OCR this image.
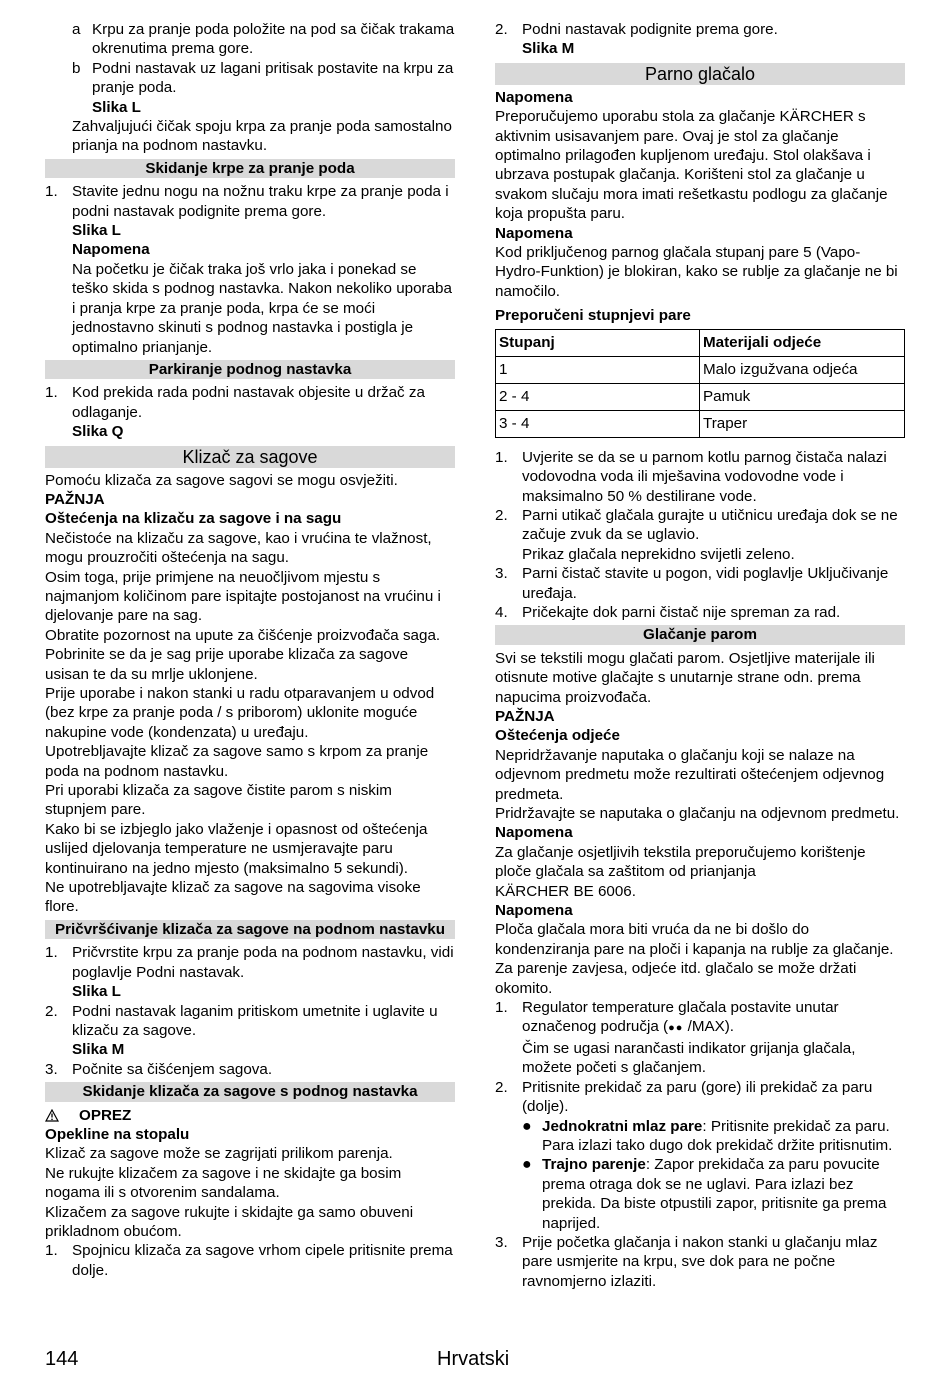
a Krpu za pranje poda položite na pod sa čičak trakama okrenutima prema gore.
b Podni nastavak uz lagani pritisak postavite na krpu za pranje poda.

Slika L

Zahvaljujući čičak spoju krpa za pranje poda samostalno prianja na podnom nastavku.

Skidanje krpe za pranje poda
1. Stavite jednu nogu na nožnu traku krpe za pranje poda i podni nastavak podignite prema gore.

Slika L

Napomena

Na početku je čičak traka još vrlo jaka i ponekad se teško skida s podnog nastavka. Nakon nekoliko uporaba i pranja krpe za pranje poda, krpa će se moći jednostavno skinuti s podnog nastavka i postigla je optimalno prianjanje.

Parkiranje podnog nastavka
1. Kod prekida rada podni nastavak objesite u držač za odlaganje.

Slika Q

Klizač za sagove

Pomoću klizača za sagove sagovi se mogu osvježiti.

PAŽNJA

Oštećenja na klizaču za sagove i na sagu

Nečistoće na klizaču za sagove, kao i vrućina te vlažnost, mogu prouzročiti oštećenja na sagu.

Osim toga, prije primjene na neuočljivom mjestu s najmanjom količinom pare ispitajte postojanost na vrućinu i djelovanje pare na sag.

Obratite pozornost na upute za čišćenje proizvođača saga.

Pobrinite se da je sag prije uporabe klizača za sagove usisan te da su mrlje uklonjene.

Prije uporabe i nakon stanki u radu otparavanjem u odvod (bez krpe za pranje poda / s priborom) uklonite moguće nakupine vode (kondenzata) u uređaju.

Upotrebljavajte klizač za sagove samo s krpom za pranje poda na podnom nastavku.

Pri uporabi klizača za sagove čistite parom s niskim stupnjem pare.

Kako bi se izbjeglo jako vlaženje i opasnost od oštećenja uslijed djelovanja temperature ne usmjeravajte paru kontinuirano na jedno mjesto (maksimalno 5 sekundi).

Ne upotrebljavajte klizač za sagove na sagovima visoke flore.

Pričvršćivanje klizača za sagove na podnom nastavku
1. Pričvrstite krpu za pranje poda na podnom nastavku, vidi poglavlje Podni nastavak.

Slika L

2. Podni nastavak laganim pritiskom umetnite i uglavite u klizaču za sagove.

Slika M

3. Počnite sa čišćenjem sagova.
Skidanje klizača za sagove s podnog nastavka
OPREZ

Opekline na stopalu

Klizač za sagove može se zagrijati prilikom parenja.

Ne rukujte klizačem za sagove i ne skidajte ga bosim nogama ili s otvorenim sandalama.

Klizačem za sagove rukujte i skidajte ga samo obuveni prikladnom obućom.

1. Spojnicu klizača za sagove vrhom cipele pritisnite prema dolje.
2. Podni nastavak podignite prema gore.

Slika M

Parno glačalo

Napomena

Preporučujemo uporabu stola za glačanje KÄRCHER s aktivnim usisavanjem pare. Ovaj je stol za glačanje optimalno prilagođen kupljenom uređaju. Stol olakšava i ubrzava postupak glačanja. Korišteni stol za glačanje u svakom slučaju mora imati rešetkastu podlogu za glačanje koja propušta paru.

Napomena

Kod priključenog parnog glačala stupanj pare 5 (Vapo-Hydro-Funktion) je blokiran, kako se rublje za glačanje ne bi namočilo.

Preporučeni stupnjevi pare

Stupanj	Materijali odjeće
1	Malo izgužvana odjeća
2 - 4	Pamuk
3 - 4	Traper
1. Uvjerite se da se u parnom kotlu parnog čistača nalazi vodovodna voda ili mješavina vodovodne vode i maksimalno 50 % destilirane vode.
2. Parni utikač glačala gurajte u utičnicu uređaja dok se ne začuje zvuk da se uglavio.

Prikaz glačala neprekidno svijetli zeleno.

3. Parni čistač stavite u pogon, vidi poglavlje Uključivanje uređaja.
4. Pričekajte dok parni čistač nije spreman za rad.
Glačanje parom

Svi se tekstili mogu glačati parom. Osjetljive materijale ili otisnute motive glačajte s unutarnje strane odn. prema napucima proizvođača.

PAŽNJA

Oštećenja odjeće

Nepridržavanje naputaka o glačanju koji se nalaze na odjevnom predmetu može rezultirati oštećenjem odjevnog predmeta.

Pridržavajte se naputaka o glačanju na odjevnom predmetu.

Napomena

Za glačanje osjetljivih tekstila preporučujemo korištenje ploče glačala sa zaštitom od prianjanja

KÄRCHER BE 6006.

Napomena

Ploča glačala mora biti vruća da ne bi došlo do kondenziranja pare na ploči i kapanja na rublje za glačanje.

Za parenje zavjesa, odjeće itd. glačalo se može držati okomito.

1. Regulator temperature glačala postavite unutar označenog područja (●● /MAX).

Čim se ugasi narančasti indikator grijanja glačala, možete početi s glačanjem.

2. Pritisnite prekidač za paru (gore) ili prekidač za paru (dolje).
● Jednokratni mlaz pare: Pritisnite prekidač za paru. Para izlazi tako dugo dok prekidač držite pritisnutim.
● Trajno parenje: Zapor prekidača za paru povucite prema otraga dok se ne uglavi. Para izlazi bez prekida. Da biste otpustili zapor, pritisnite ga prema naprijed.
3. Prije početka glačanja i nakon stanki u glačanju mlaz pare usmjerite na krpu, sve dok para ne počne ravnomjerno izlaziti.
144	Hrvatski
